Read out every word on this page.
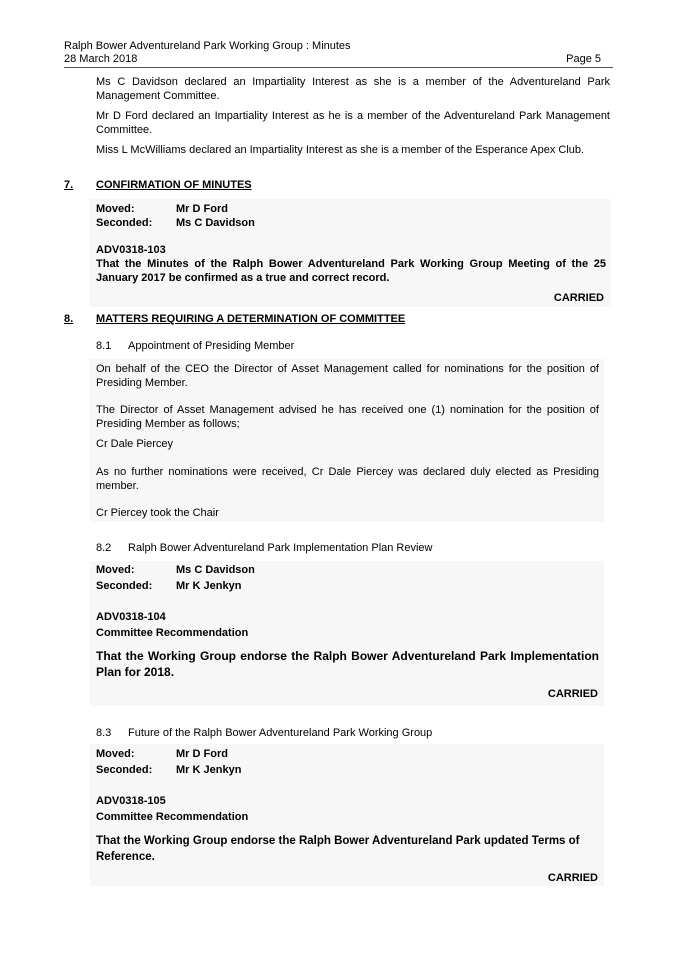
Ralph Bower Adventureland Park Working Group : Minutes
28 March 2018	Page 5
Ms C Davidson declared an Impartiality Interest as she is a member of the Adventureland Park Management Committee.
Mr D Ford declared an Impartiality Interest as he is a member of the Adventureland Park Management Committee.
Miss L McWilliams declared an Impartiality Interest as she is a member of the Esperance Apex Club.
7. CONFIRMATION OF MINUTES
Moved:	Mr D Ford
Seconded: Ms C Davidson
ADV0318-103
That the Minutes of the Ralph Bower Adventureland Park Working Group Meeting of the 25 January 2017 be confirmed as a true and correct record.
CARRIED
8. MATTERS REQUIRING A DETERMINATION OF COMMITTEE
8.1 Appointment of Presiding Member
On behalf of the CEO the Director of Asset Management called for nominations for the position of Presiding Member.
The Director of Asset Management advised he has received one (1) nomination for the position of Presiding Member as follows;
Cr Dale Piercey
As no further nominations were received, Cr Dale Piercey was declared duly elected as Presiding member.
Cr Piercey took the Chair
8.2 Ralph Bower Adventureland Park Implementation Plan Review
Moved:	Ms C Davidson
Seconded: Mr K Jenkyn
ADV0318-104
Committee Recommendation
That the Working Group endorse the Ralph Bower Adventureland Park Implementation Plan for 2018.
CARRIED
8.3 Future of the Ralph Bower Adventureland Park Working Group
Moved:	Mr D Ford
Seconded: Mr K Jenkyn
ADV0318-105
Committee Recommendation
That the Working Group endorse the Ralph Bower Adventureland Park updated Terms of Reference.
CARRIED
